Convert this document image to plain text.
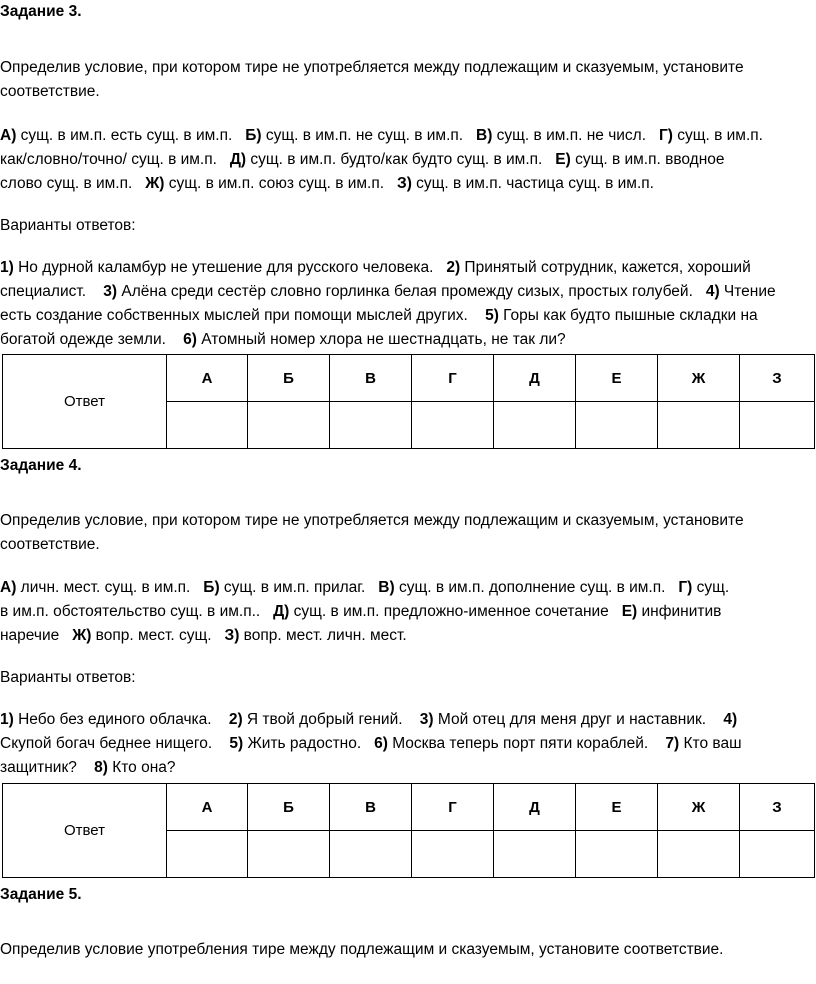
Задание 3.
Определив условие, при котором тире не употребляется между подлежащим и сказуемым, установите
соответствие.
А) сущ. в им.п. есть сущ. в им.п.   Б) сущ. в им.п. не сущ. в им.п.   В) сущ. в им.п. не числ.   Г) сущ. в им.п.
как/словно/точно/ сущ. в им.п.   Д) сущ. в им.п. будто/как будто сущ. в им.п.   Е) сущ. в им.п. вводное
слово сущ. в им.п.   Ж) сущ. в им.п. союз сущ. в им.п.   З) сущ. в им.п. частица сущ. в им.п.
Варианты ответов:
1) Но дурной каламбур не утешение для русского человека.   2) Принятый сотрудник, кажется, хороший
специалист.    3) Алёна среди сестёр словно горлинка белая промежду сизых, простых голубей.   4) Чтение
есть создание собственных мыслей при помощи мыслей других.    5) Горы как будто пышные складки на
богатой одежде земли.    6) Атомный номер хлора не шестнадцать, не так ли?
Ответ	А	Б	В	Г	Д	Е	Ж	З

Задание 4.
Определив условие, при котором тире не употребляется между подлежащим и сказуемым, установите
соответствие.
А) личн. мест. сущ. в им.п.   Б) сущ. в им.п. прилаг.   В) сущ. в им.п. дополнение сущ. в им.п.   Г) сущ.
в им.п. обстоятельство сущ. в им.п..   Д) сущ. в им.п. предложно-именное сочетание   Е) инфинитив
наречие   Ж) вопр. мест. сущ.   З) вопр. мест. личн. мест.
Варианты ответов:
1) Небо без единого облачка.    2) Я твой добрый гений.    3) Мой отец для меня друг и наставник.    4)
Скупой богач беднее нищего.    5) Жить радостно.   6) Москва теперь порт пяти кораблей.    7) Кто ваш
защитник?    8) Кто она?
Ответ	А	Б	В	Г	Д	Е	Ж	З

Задание 5.
Определив условие употребления тире между подлежащим и сказуемым, установите соответствие.
